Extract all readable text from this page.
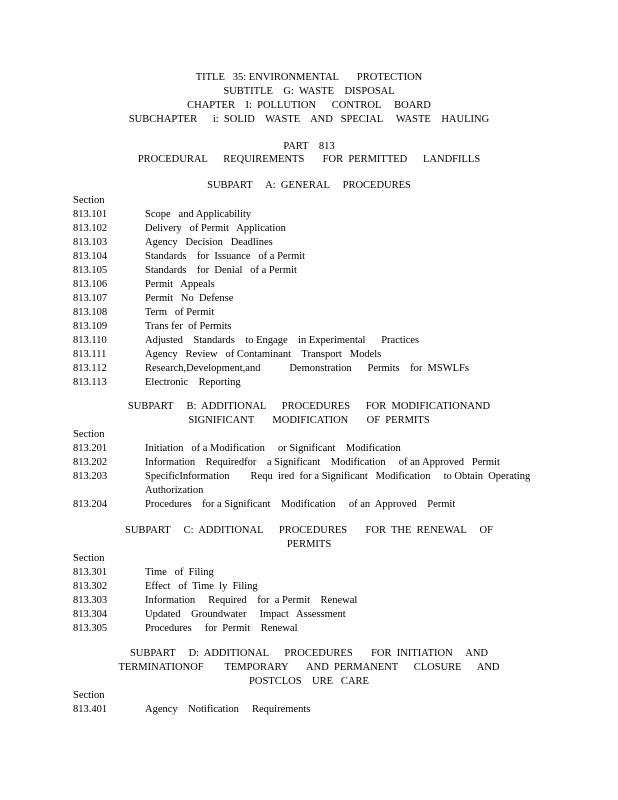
TITLE   35: ENVIRONMENTAL       PROTECTION
SUBTITLE    G:  WASTE    DISPOSAL
CHAPTER    I:  POLLUTION      CONTROL     BOARD
SUBCHAPTER      i:  SOLID    WASTE    AND   SPECIAL     WASTE    HAULING
PART    813
PROCEDURAL      REQUIREMENTS       FOR  PERMITTED      LANDFILLS
SUBPART     A:  GENERAL     PROCEDURES
Section
813.101	Scope   and Applicability
813.102	Delivery   of Permit   Application
813.103	Agency   Decision   Deadlines
813.104	Standards    for  Issuance   of a Permit
813.105	Standards    for  Denial   of a Permit
813.106	Permit   Appeals
813.107	Permit   No  Defense
813.108	Term   of Permit
813.109	Trans fer  of Permits
813.110	Adjusted    Standards    to Engage    in Experimental      Practices
813.111	Agency   Review   of Contaminant    Transport   Models
813.112	Research,Development,and           Demonstration      Permits    for  MSWLFs
813.113	Electronic    Reporting
SUBPART     B:  ADDITIONAL      PROCEDURES      FOR  MODIFICATIONAND
SIGNIFICANT       MODIFICATION       OF  PERMITS
Section
813.201	Initiation   of a Modification     or Significant    Modification
813.202	Information    Requiredfor    a Significant    Modification     of an Approved   Permit
813.203	SpecificInformation        Requ  ired  for a Significant   Modification     to Obtain  Operating
Authorization
813.204	Procedures    for a Significant    Modification     of an  Approved    Permit
SUBPART     C:  ADDITIONAL      PROCEDURES       FOR  THE  RENEWAL     OF
PERMITS
Section
813.301	Time   of  Filing
813.302	Effect   of  Time  ly  Filing
813.303	Information     Required    for  a Permit    Renewal
813.304	Updated    Groundwater     Impact   Assessment
813.305	Procedures     for  Permit    Renewal
SUBPART     D:  ADDITIONAL      PROCEDURES       FOR  INITIATION     AND
TERMINATIONOF        TEMPORARY       AND  PERMANENT      CLOSURE      AND
POSTCLOS    URE   CARE
Section
813.401	Agency    Notification     Requirements
